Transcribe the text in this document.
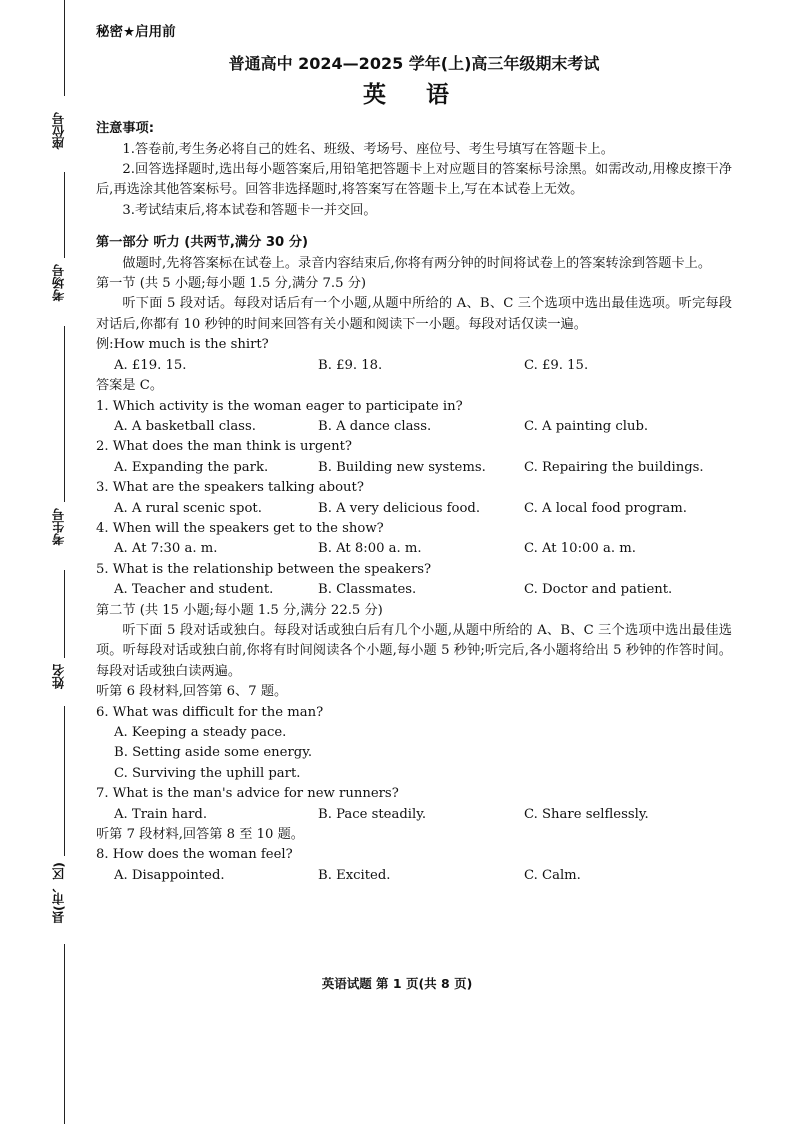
座位号
考场号
考生号
姓名
县(市、区)
秘密★启用前
普通高中 2024—2025 学年(上)高三年级期末考试
英 语
注意事项:

1.答卷前,考生务必将自己的姓名、班级、考场号、座位号、考生号填写在答题卡上。

2.回答选择题时,选出每小题答案后,用铅笔把答题卡上对应题目的答案标号涂黑。如需改动,用橡皮擦干净后,再选涂其他答案标号。回答非选择题时,将答案写在答题卡上,写在本试卷上无效。

3.考试结束后,将本试卷和答题卡一并交回。

第一部分 听力 (共两节,满分 30 分)

做题时,先将答案标在试卷上。录音内容结束后,你将有两分钟的时间将试卷上的答案转涂到答题卡上。

第一节 (共 5 小题;每小题 1.5 分,满分 7.5 分)

听下面 5 段对话。每段对话后有一个小题,从题中所给的 A、B、C 三个选项中选出最佳选项。听完每段对话后,你都有 10 秒钟的时间来回答有关小题和阅读下一小题。每段对话仅读一遍。

例:How much is the shirt?
A. £19. 15.	B. £9. 18.	C. £9. 15.
答案是 C。
1. Which activity is the woman eager to participate in?
A. A basketball class.	B. A dance class.	C. A painting club.
2. What does the man think is urgent?
A. Expanding the park.	B. Building new systems.	C. Repairing the buildings.
3. What are the speakers talking about?
A. A rural scenic spot.	B. A very delicious food.	C. A local food program.
4. When will the speakers get to the show?
A. At 7:30 a. m.	B. At 8:00 a. m.	C. At 10:00 a. m.
5. What is the relationship between the speakers?
A. Teacher and student.	B. Classmates.	C. Doctor and patient.
第二节 (共 15 小题;每小题 1.5 分,满分 22.5 分)

听下面 5 段对话或独白。每段对话或独白后有几个小题,从题中所给的 A、B、C 三个选项中选出最佳选项。听每段对话或独白前,你将有时间阅读各个小题,每小题 5 秒钟;听完后,各小题将给出 5 秒钟的作答时间。每段对话或独白读两遍。

听第 6 段材料,回答第 6、7 题。
6. What was difficult for the man?
A. Keeping a steady pace.
B. Setting aside some energy.
C. Surviving the uphill part.
7. What is the man's advice for new runners?
A. Train hard.	B. Pace steadily.	C. Share selflessly.
听第 7 段材料,回答第 8 至 10 题。
8. How does the woman feel?
A. Disappointed.	B. Excited.	C. Calm.
英语试题 第 1 页(共 8 页)
